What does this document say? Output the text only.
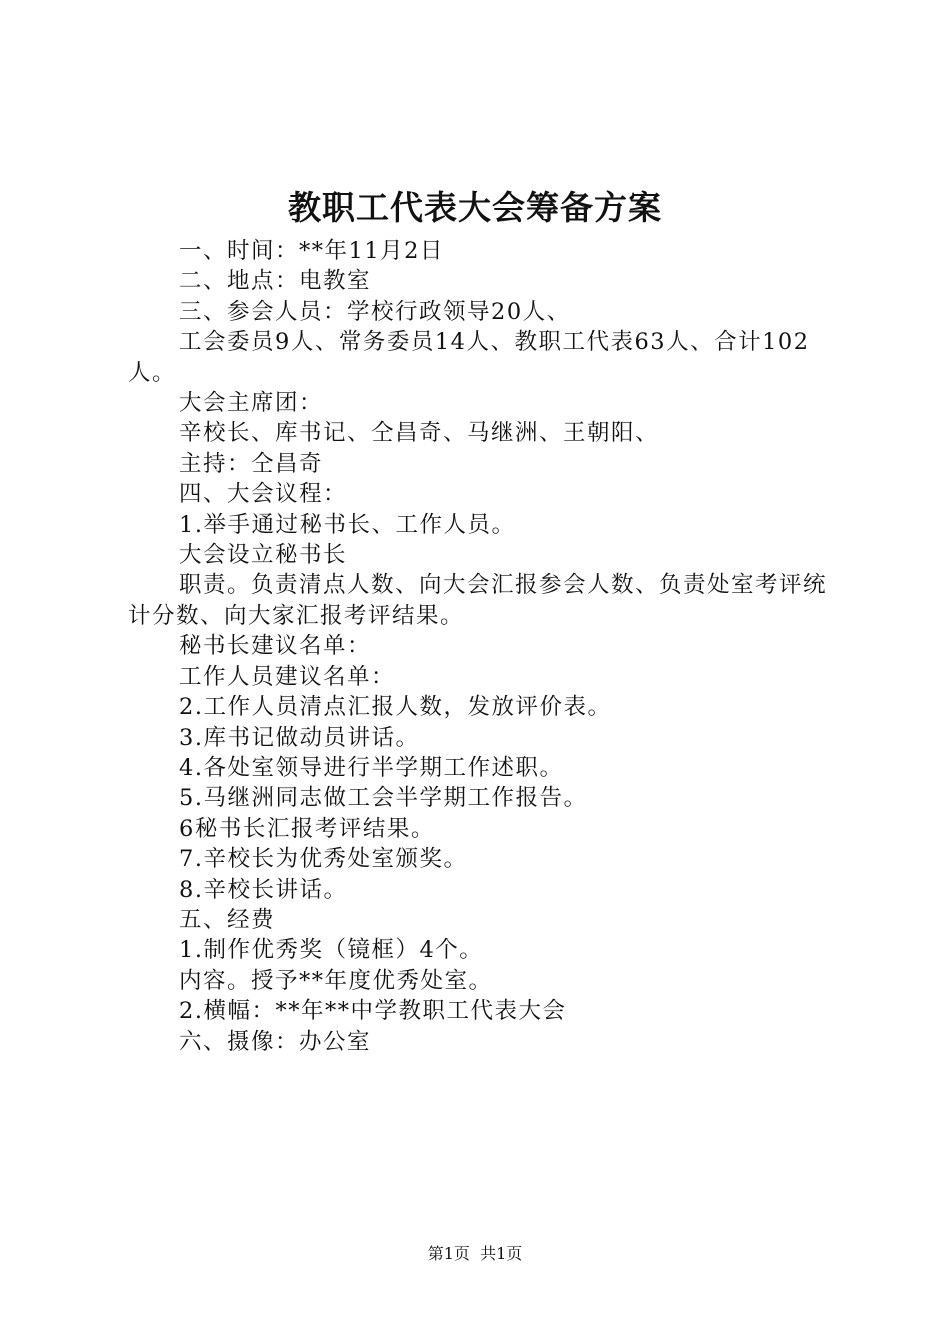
教职工代表大会筹备方案

一、时间：**年11月2日

二、地点：电教室

三、参会人员：学校行政领导20人、

工会委员9人、常务委员14人、教职工代表63人、合计102人。

大会主席团：

辛校长、库书记、仝昌奇、马继洲、王朝阳、

主持：仝昌奇

四、大会议程：

1.举手通过秘书长、工作人员。

大会设立秘书长

职责。负责清点人数、向大会汇报参会人数、负责处室考评统计分数、向大家汇报考评结果。

秘书长建议名单：

工作人员建议名单：

2.工作人员清点汇报人数，发放评价表。

3.库书记做动员讲话。

4.各处室领导进行半学期工作述职。

5.马继洲同志做工会半学期工作报告。

6秘书长汇报考评结果。

7.辛校长为优秀处室颁奖。

8.辛校长讲话。

五、经费

1.制作优秀奖（镜框）4个。

内容。授予**年度优秀处室。

2.横幅：**年**中学教职工代表大会

六、摄像：办公室

第1页  共1页
